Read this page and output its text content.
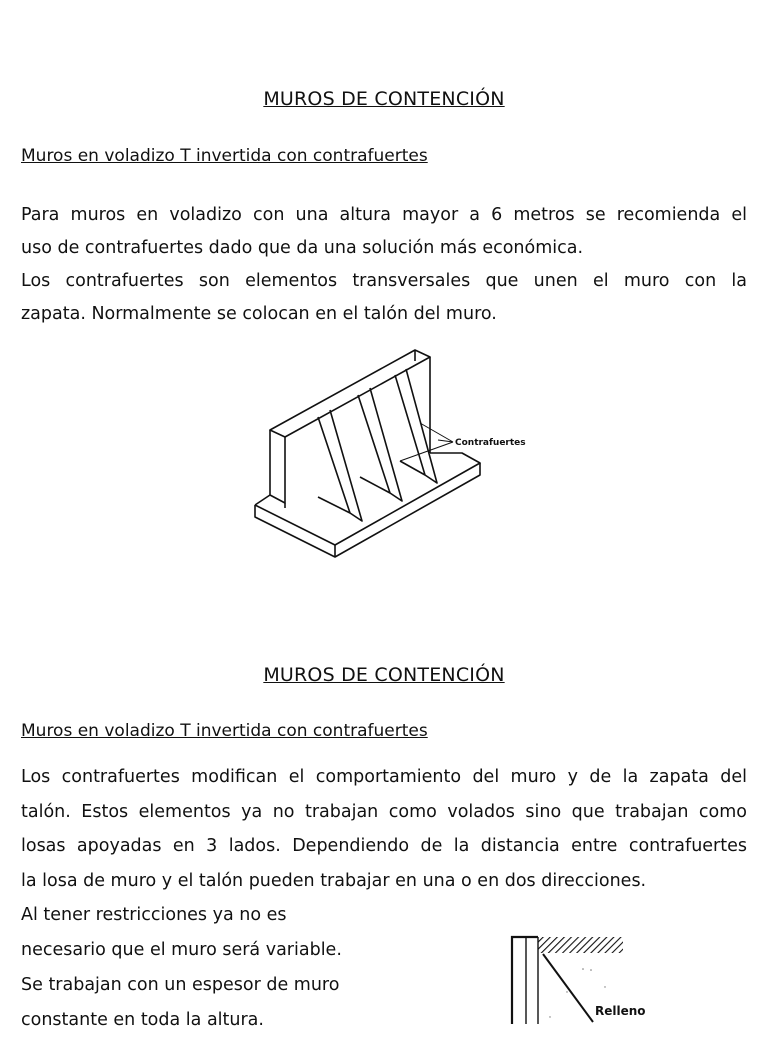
MUROS DE CONTENCIÓN
Muros en voladizo T invertida con contrafuertes
Para muros en voladizo con una altura mayor a 6 metros se recomienda el
uso de contrafuertes dado que da una solución más económica.
Los contrafuertes son elementos transversales que unen el muro con la
zapata. Normalmente se colocan en el talón del muro.
Contrafuertes
MUROS DE CONTENCIÓN
Muros en voladizo T invertida con contrafuertes
Los contrafuertes modifican el comportamiento del muro y de la zapata del
talón. Estos elementos ya no trabajan como volados sino que trabajan como
losas apoyadas en 3 lados. Dependiendo de la distancia entre contrafuertes
la losa de muro y el talón pueden trabajar en una o en dos direcciones.
Al tener restricciones ya no es
necesario que el muro será variable.
Se trabajan con un espesor de muro
constante en toda la altura.	Relleno
